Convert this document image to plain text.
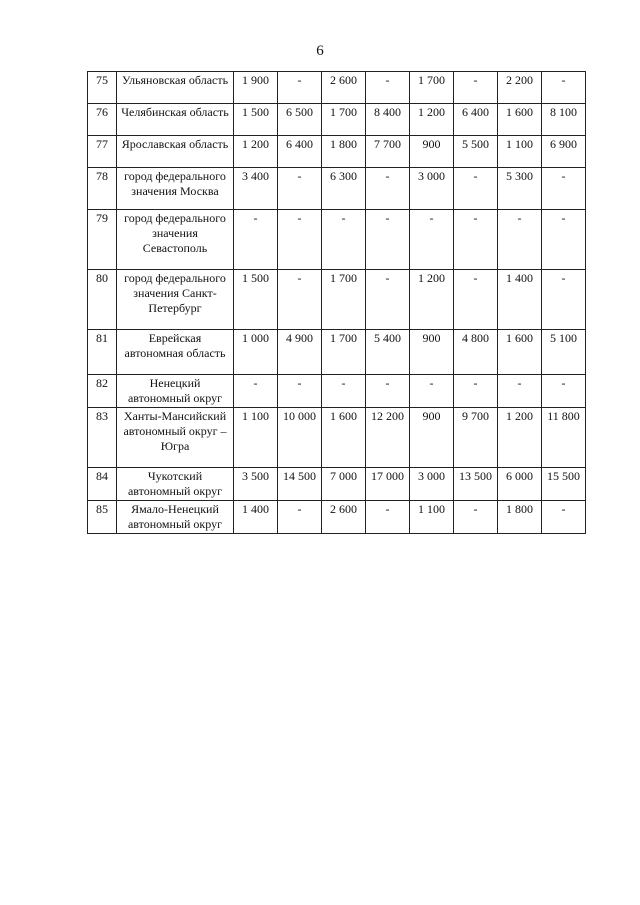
6
75	Ульяновская область	1 900	-	2 600	-	1 700	-	2 200	-
76	Челябинская область	1 500	6 500	1 700	8 400	1 200	6 400	1 600	8 100
77	Ярославская область	1 200	6 400	1 800	7 700	900	5 500	1 100	6 900
78	город федерального значения Москва	3 400	-	6 300	-	3 000	-	5 300	-
79	город федерального значения Севастополь	-	-	-	-	-	-	-	-
80	город федерального значения Санкт-Петербург	1 500	-	1 700	-	1 200	-	1 400	-
81	Еврейская автономная область	1 000	4 900	1 700	5 400	900	4 800	1 600	5 100
82	Ненецкий автономный округ	-	-	-	-	-	-	-	-
83	Ханты-Мансийский автономный округ – Югра	1 100	10 000	1 600	12 200	900	9 700	1 200	11 800
84	Чукотский автономный округ	3 500	14 500	7 000	17 000	3 000	13 500	6 000	15 500
85	Ямало-Ненецкий автономный округ	1 400	-	2 600	-	1 100	-	1 800	-
